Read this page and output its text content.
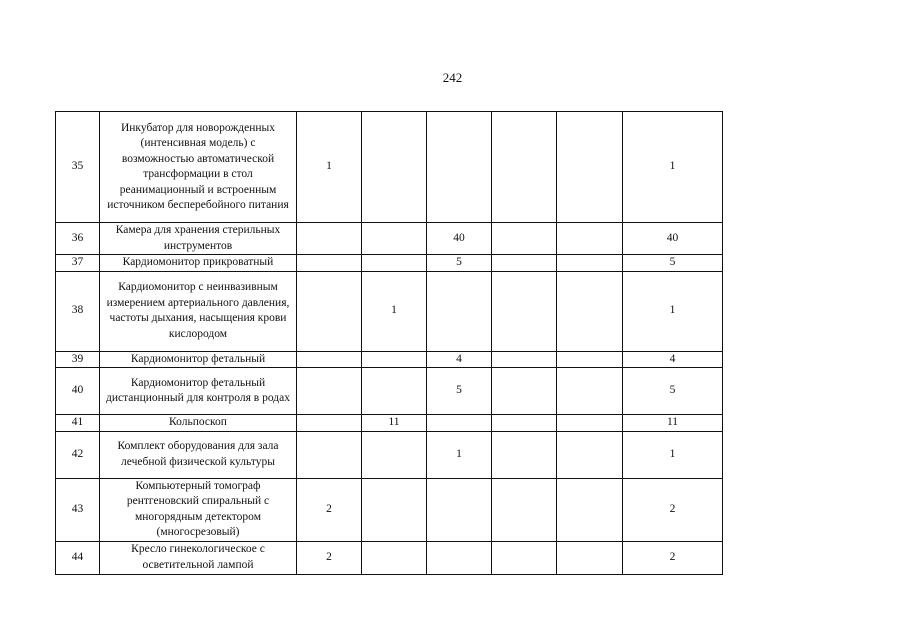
242
35	Инкубатор для новорожденных (интенсивная модель) с возможностью автоматической трансформации в стол реанимационный и встроенным источником бесперебойного питания	1					1
36	Камера для хранения стерильных инструментов			40			40
37	Кардиомонитор прикроватный			5			5
38	Кардиомонитор с неинвазивным измерением артериального давления, частоты дыхания, насыщения крови кислородом		1				1
39	Кардиомонитор фетальный			4			4
40	Кардиомонитор фетальный дистанционный для контроля в родах			5			5
41	Кольпоскоп		11				11
42	Комплект оборудования для зала лечебной физической культуры			1			1
43	Компьютерный томограф рентгеновский спиральный с многорядным детектором (многосрезовый)	2					2
44	Кресло гинекологическое с осветительной лампой	2					2
